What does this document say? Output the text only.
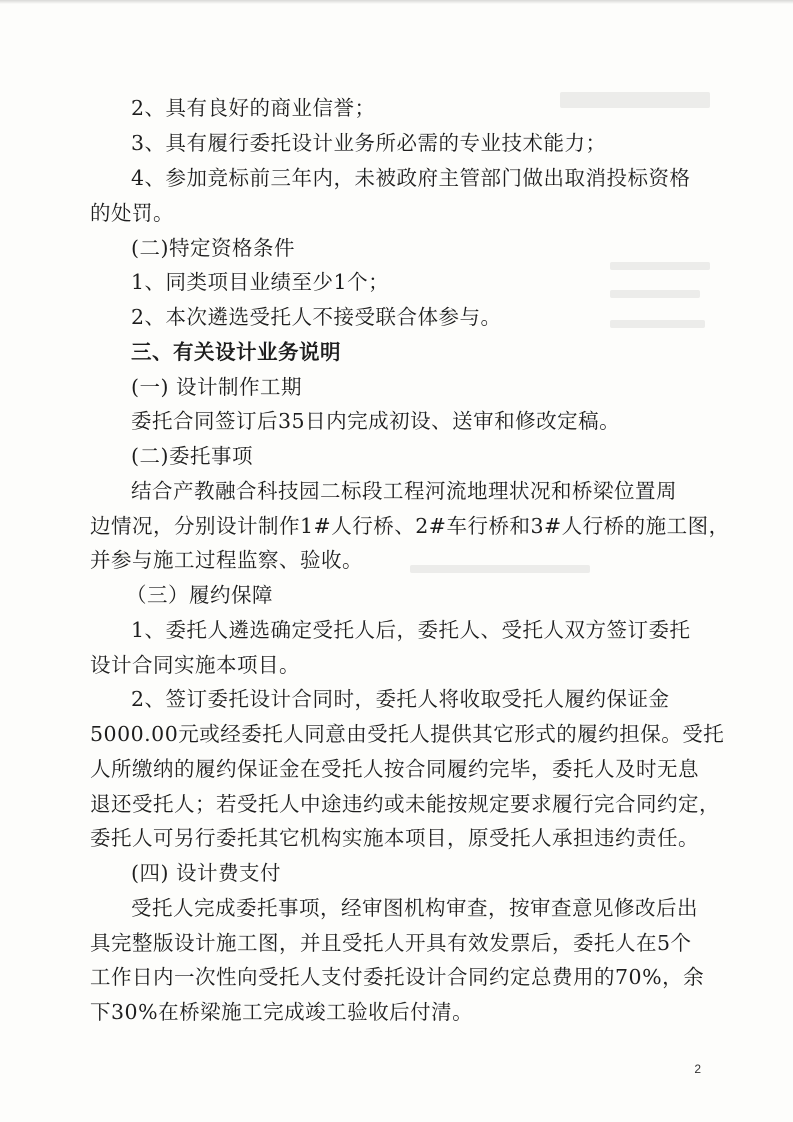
2、具有良好的商业信誉；
3、具有履行委托设计业务所必需的专业技术能力；
4、参加竞标前三年内，未被政府主管部门做出取消投标资格
的处罚。
(二)特定资格条件
1、同类项目业绩至少1个；
2、本次遴选受托人不接受联合体参与。
三、有关设计业务说明
(一) 设计制作工期
委托合同签订后35日内完成初设、送审和修改定稿。
(二)委托事项
结合产教融合科技园二标段工程河流地理状况和桥梁位置周
边情况，分别设计制作1#人行桥、2#车行桥和3#人行桥的施工图，
并参与施工过程监察、验收。
（三）履约保障
1、委托人遴选确定受托人后，委托人、受托人双方签订委托
设计合同实施本项目。
2、签订委托设计合同时，委托人将收取受托人履约保证金
5000.00元或经委托人同意由受托人提供其它形式的履约担保。受托
人所缴纳的履约保证金在受托人按合同履约完毕，委托人及时无息
退还受托人；若受托人中途违约或未能按规定要求履行完合同约定，
委托人可另行委托其它机构实施本项目，原受托人承担违约责任。
(四) 设计费支付
受托人完成委托事项，经审图机构审查，按审查意见修改后出
具完整版设计施工图，并且受托人开具有效发票后，委托人在5个
工作日内一次性向受托人支付委托设计合同约定总费用的70%，余
下30%在桥梁施工完成竣工验收后付清。
2
